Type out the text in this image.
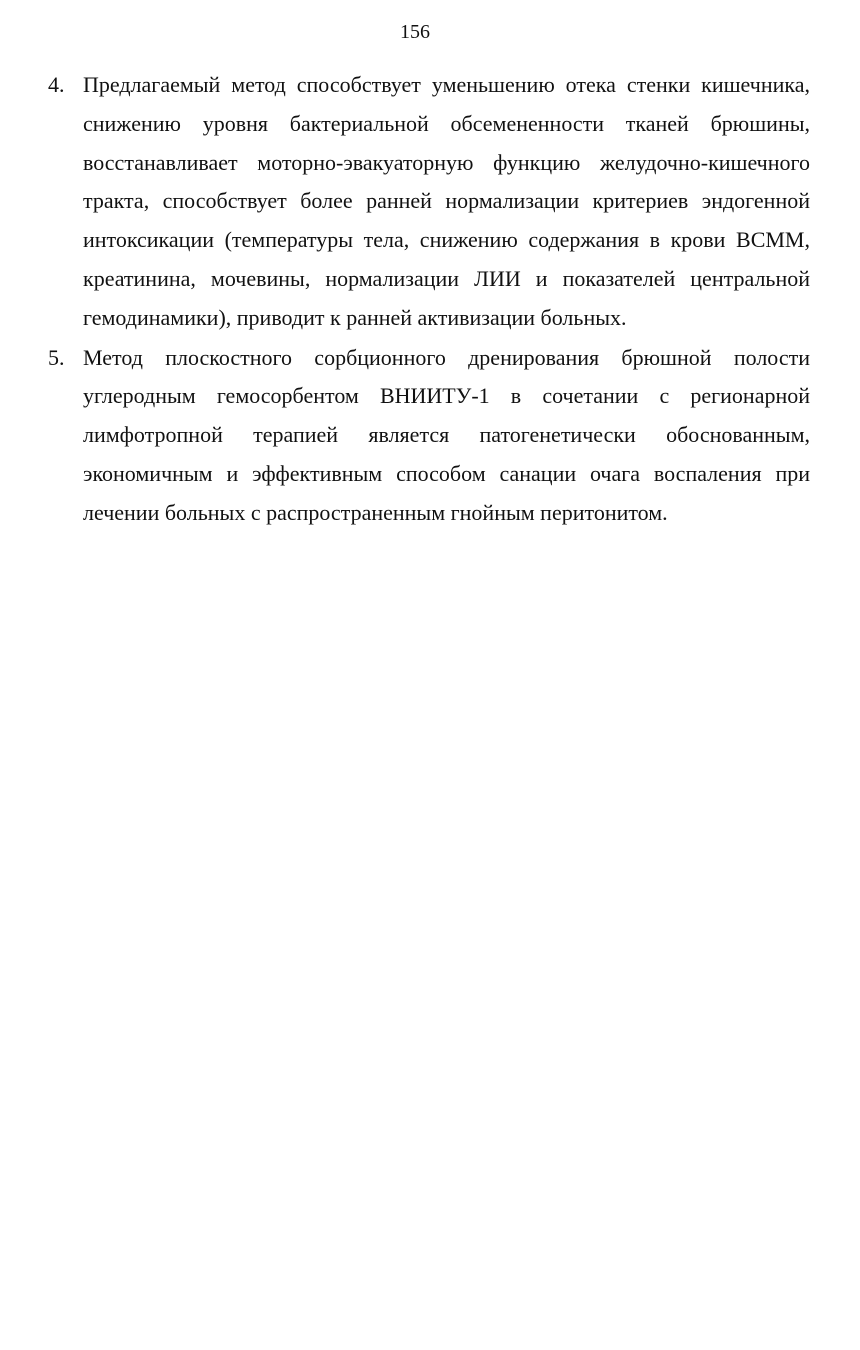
156
4. Предлагаемый метод способствует уменьшению отека стенки кишечника, снижению уровня бактериальной обсемененности тканей брюшины, восстанавливает моторно-эвакуаторную функцию желудочно-кишечного тракта, способствует более ранней нормализации критериев эндогенной интоксикации (температуры тела, снижению содержания в крови ВСММ, креатинина, мочевины, нормализации ЛИИ и показателей центральной гемодинамики), приводит к ранней активизации больных.
5. Метод плоскостного сорбционного дренирования брюшной полости углеродным гемосорбентом ВНИИТУ-1 в сочетании с регионарной лимфотропной терапией является патогенетически обоснованным, экономичным и эффективным способом санации очага воспаления при лечении больных с распространенным гнойным перитонитом.
